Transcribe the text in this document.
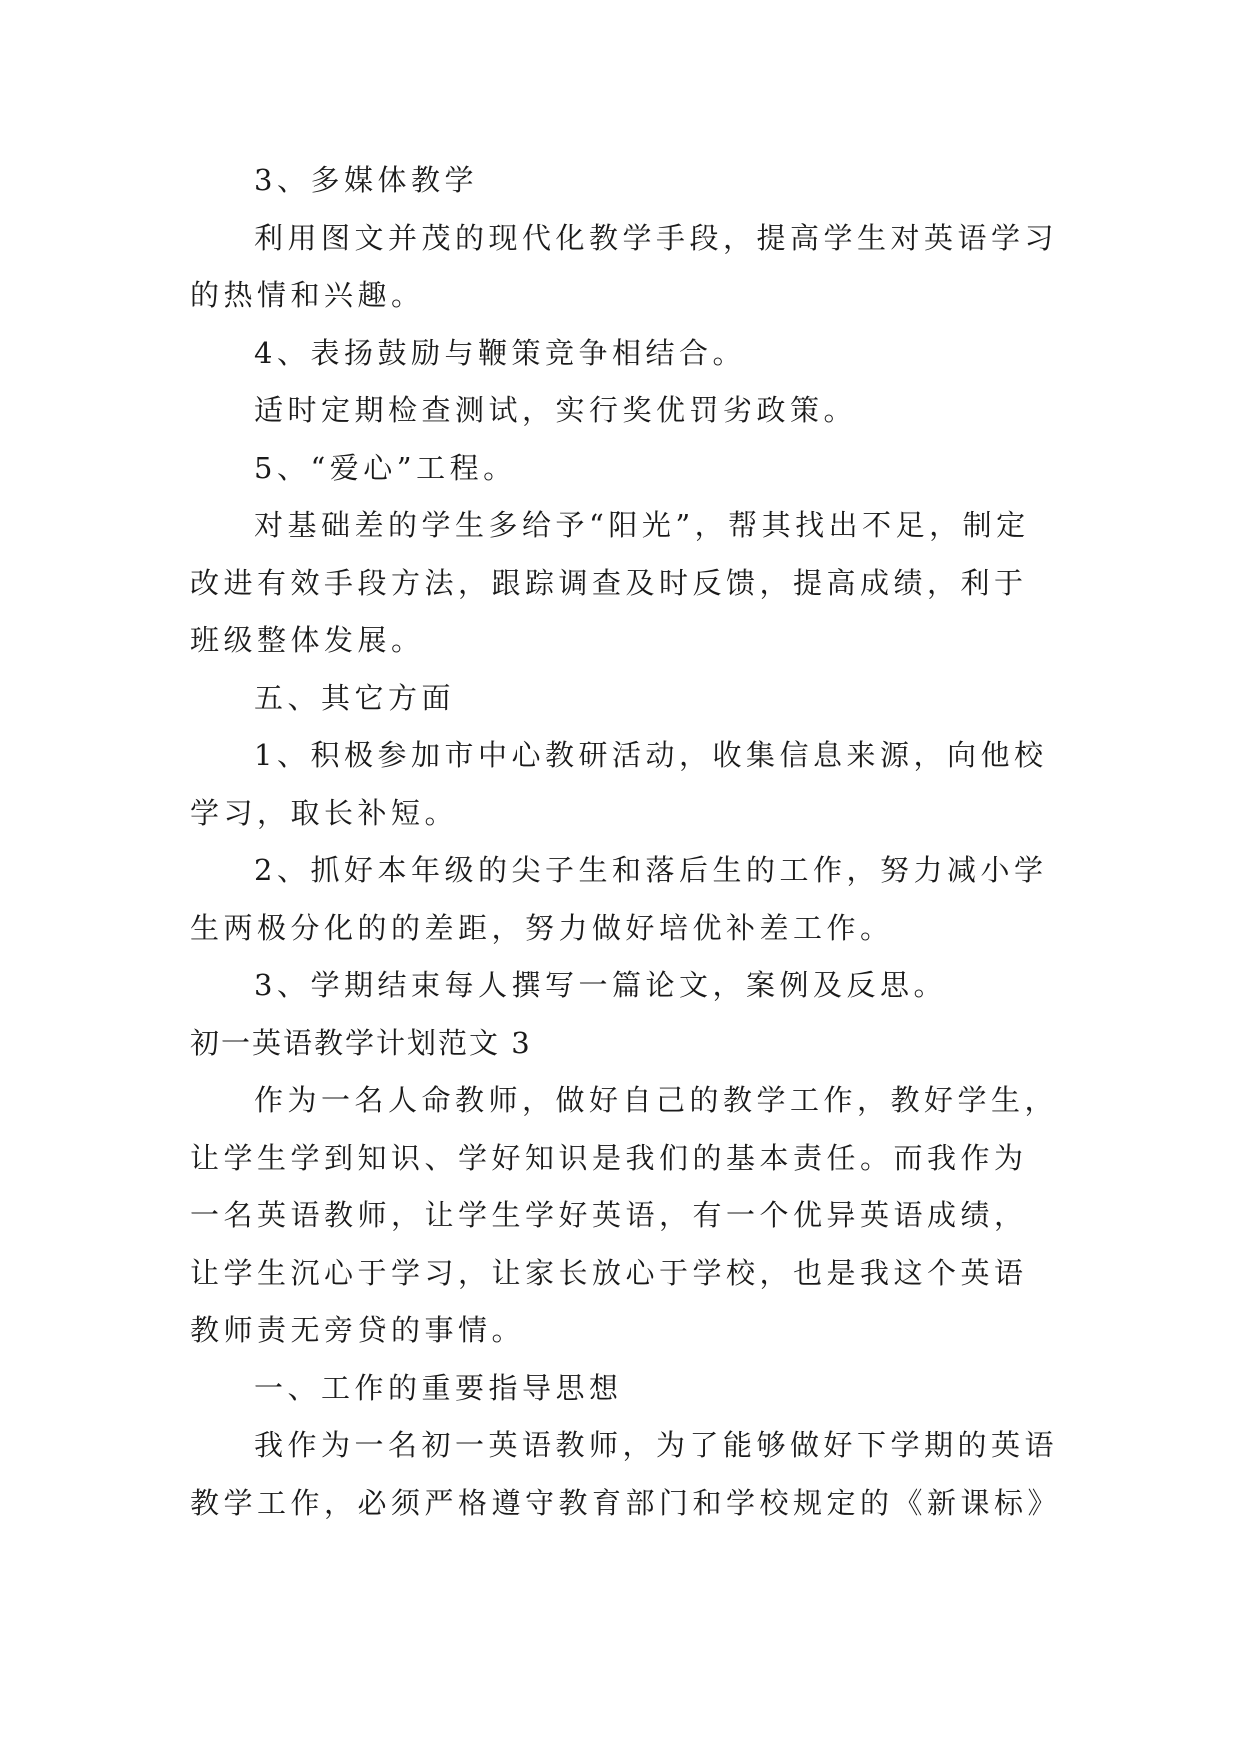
3、多媒体教学

利用图文并茂的现代化教学手段，提高学生对英语学习的热情和兴趣。

4、表扬鼓励与鞭策竞争相结合。

适时定期检查测试，实行奖优罚劣政策。

5、“爱心”工程。

对基础差的学生多给予“阳光”，帮其找出不足，制定改进有效手段方法，跟踪调查及时反馈，提高成绩，利于班级整体发展。

五、其它方面

1、积极参加市中心教研活动，收集信息来源，向他校学习，取长补短。

2、抓好本年级的尖子生和落后生的工作，努力减小学生两极分化的的差距，努力做好培优补差工作。

3、学期结束每人撰写一篇论文，案例及反思。

初一英语教学计划范文 3

作为一名人命教师，做好自己的教学工作，教好学生，让学生学到知识、学好知识是我们的基本责任。而我作为一名英语教师，让学生学好英语，有一个优异英语成绩，让学生沉心于学习，让家长放心于学校，也是我这个英语教师责无旁贷的事情。

一、工作的重要指导思想

我作为一名初一英语教师，为了能够做好下学期的英语教学工作，必须严格遵守教育部门和学校规定的《新课标》
